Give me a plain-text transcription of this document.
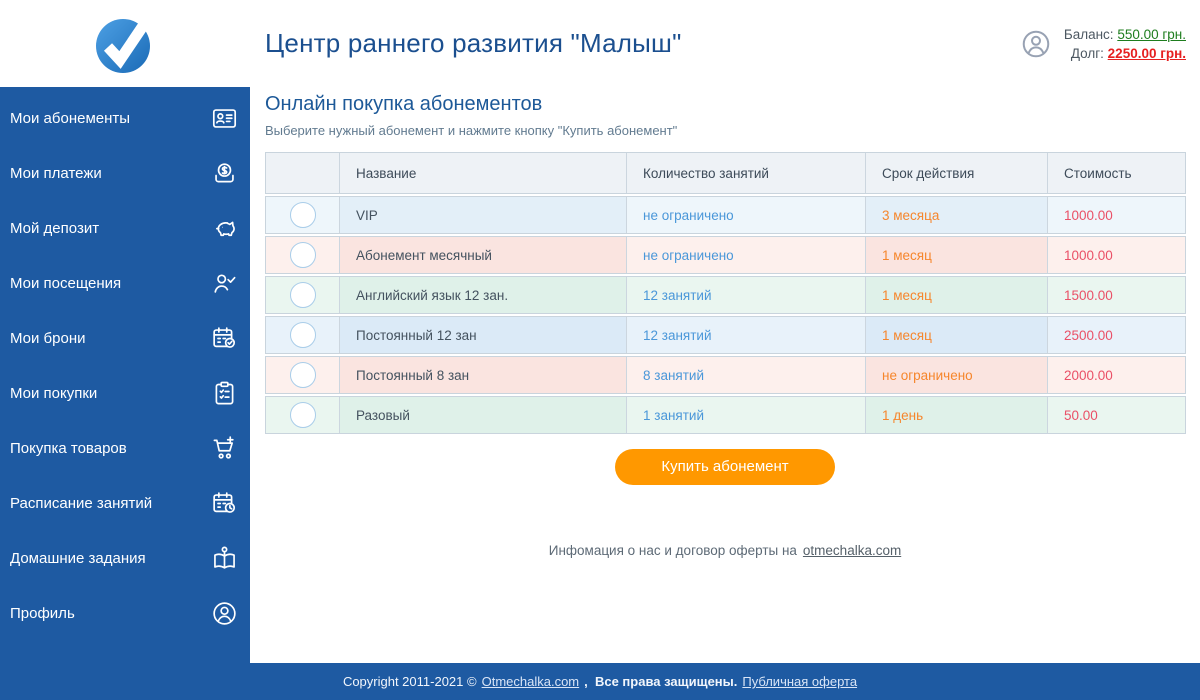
Центр раннего развития "Малыш"	Баланс: 550.00 грн.
Долг: 2250.00 грн.
Мои абонементы
Мои платежи
Мой депозит
Мои посещения
Мои брони
Мои покупки
Покупка товаров
Расписание занятий
Домашние задания
Профиль
Онлайн покупка абонементов
Выберите нужный абонемент и нажмите кнопку "Купить абонемент"
Название	Количество занятий	Срок действия	Стоимость
VIP	не ограничено	3 месяца	1000.00
Абонемент месячный	не ограничено	1 месяц	1000.00
Английский язык 12 зан.	12 занятий	1 месяц	1500.00
Постоянный 12 зан	12 занятий	1 месяц	2500.00
Постоянный 8 зан	8 занятий	не ограничено	2000.00
Разовый	1 занятий	1 день	50.00
Купить абонемент
Инфомация о нас и договор оферты на otmechalka.com
Copyright 2011-2021 © Otmechalka.com ,  Все права защищены. Публичная оферта
